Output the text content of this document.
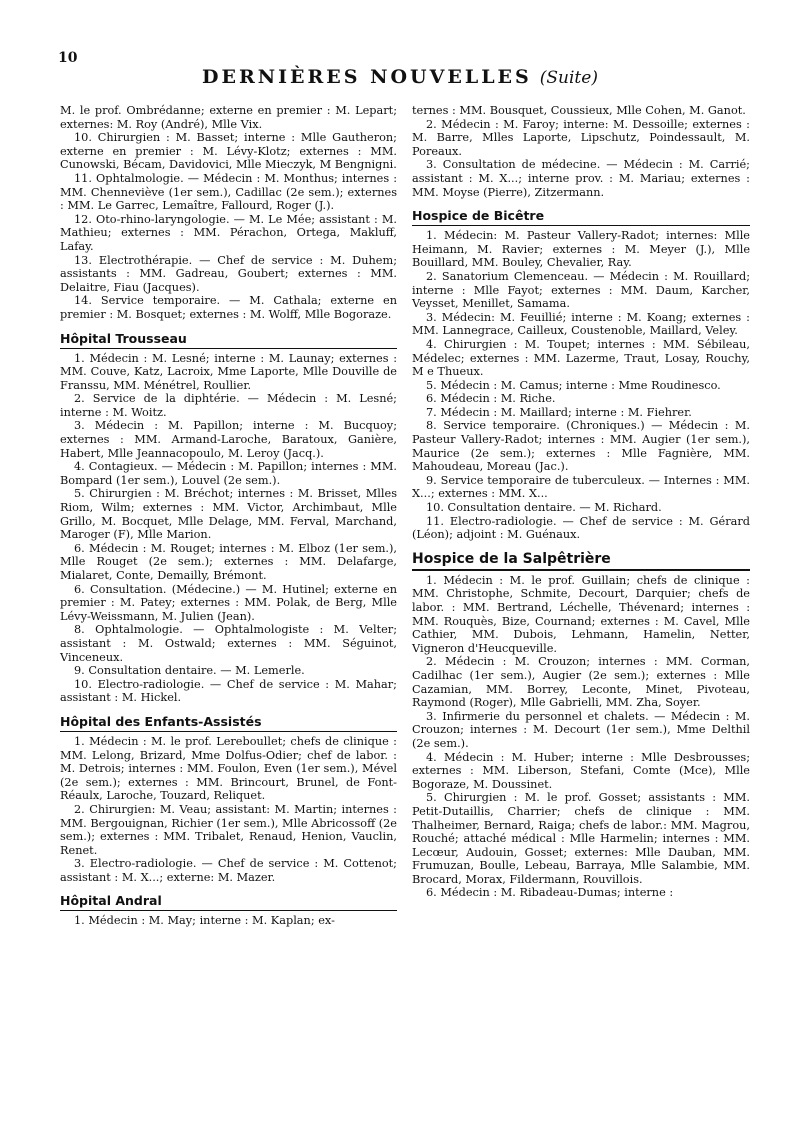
10
DERNIÈRES NOUVELLES (Suite)

M. le prof. Ombrédanne; externe en premier : M. Lepart; externes: M. Roy (André), Mlle Vix.

10. Chirurgien : M. Basset; interne : Mlle Gautheron; externe en premier : M. Lévy-Klotz; externes : MM. Cunowski, Bécam, Davidovici, Mlle Mieczyk, M Bengnigni.

11. Ophtalmologie. — Médecin : M. Monthus; internes : MM. Chenneviève (1er sem.), Cadillac (2e sem.); externes : MM. Le Garrec, Lemaître, Fallourd, Roger (J.).

12. Oto-rhino-laryngologie. — M. Le Mée; assistant : M. Mathieu; externes : MM. Pérachon, Ortega, Makluff, Lafay.

13. Electrothérapie. — Chef de service : M. Duhem; assistants : MM. Gadreau, Goubert; externes : MM. Delaitre, Fiau (Jacques).

14. Service temporaire. — M. Cathala; externe en premier : M. Bosquet; externes : M. Wolff, Mlle Bogoraze.

Hôpital Trousseau

1. Médecin : M. Lesné; interne : M. Launay; externes : MM. Couve, Katz, Lacroix, Mme Laporte, Mlle Douville de Franssu, MM. Ménétrel, Roullier.

2. Service de la diphtérie. — Médecin : M. Lesné; interne : M. Woitz.

3. Médecin : M. Papillon; interne : M. Bucquoy; externes : MM. Armand-Laroche, Baratoux, Ganière, Habert, Mlle Jeannacopoulo, M. Leroy (Jacq.).

4. Contagieux. — Médecin : M. Papillon; internes : MM. Bompard (1er sem.), Louvel (2e sem.).

5. Chirurgien : M. Bréchot; internes : M. Brisset, Mlles Riom, Wilm; externes : MM. Victor, Archimbaut, Mlle Grillo, M. Bocquet, Mlle Delage, MM. Ferval, Marchand, Maroger (F), Mlle Marion.

6. Médecin : M. Rouget; internes : M. Elboz (1er sem.), Mlle Rouget (2e sem.); externes : MM. Delafarge, Mialaret, Conte, Demailly, Brémont.

6. Consultation. (Médecine.) — M. Hutinel; externe en premier : M. Patey; externes : MM. Polak, de Berg, Mlle Lévy-Weissmann, M. Julien (Jean).

8. Ophtalmologie. — Ophtalmologiste : M. Velter; assistant : M. Ostwald; externes : MM. Séguinot, Vinceneux.

9. Consultation dentaire. — M. Lemerle.

10. Electro-radiologie. — Chef de service : M. Mahar; assistant : M. Hickel.

Hôpital des Enfants-Assistés

1. Médecin : M. le prof. Lereboullet; chefs de clinique : MM. Lelong, Brizard, Mme Dolfus-Odier; chef de labor. : M. Detrois; internes : MM. Foulon, Even (1er sem.), Mével (2e sem.); externes : MM. Brincourt, Brunel, de Font-Réaulx, Laroche, Touzard, Reliquet.

2. Chirurgien: M. Veau; assistant: M. Martin; internes : MM. Bergouignan, Richier (1er sem.), Mlle Abricossoff (2e sem.); externes : MM. Tribalet, Renaud, Henion, Vauclin, Renet.

3. Electro-radiologie. — Chef de service : M. Cottenot; assistant : M. X...; externe: M. Mazer.

Hôpital Andral

1. Médecin : M. May; interne : M. Kaplan; ex-

ternes : MM. Bousquet, Coussieux, Mlle Cohen, M. Ganot.

2. Médecin : M. Faroy; interne: M. Dessoille; externes : M. Barre, Mlles Laporte, Lipschutz, Poindessault, M. Poreaux.

3. Consultation de médecine. — Médecin : M. Carrié; assistant : M. X...; interne prov. : M. Mariau; externes : MM. Moyse (Pierre), Zitzermann.

Hospice de Bicêtre

1. Médecin: M. Pasteur Vallery-Radot; internes: Mlle Heimann, M. Ravier; externes : M. Meyer (J.), Mlle Bouillard, MM. Bouley, Chevalier, Ray.

2. Sanatorium Clemenceau. — Médecin : M. Rouillard; interne : Mlle Fayot; externes : MM. Daum, Karcher, Veysset, Menillet, Samama.

3. Médecin: M. Feuillié; interne : M. Koang; externes : MM. Lannegrace, Cailleux, Coustenoble, Maillard, Veley.

4. Chirurgien : M. Toupet; internes : MM. Sébileau, Médelec; externes : MM. Lazerme, Traut, Losay, Rouchy, M e Thueux.

5. Médecin : M. Camus; interne : Mme Roudinesco.

6. Médecin : M. Riche.

7. Médecin : M. Maillard; interne : M. Fiehrer.

8. Service temporaire. (Chroniques.) — Médecin : M. Pasteur Vallery-Radot; internes : MM. Augier (1er sem.), Maurice (2e sem.); externes : Mlle Fagnière, MM. Mahoudeau, Moreau (Jac.).

9. Service temporaire de tuberculeux. — Internes : MM. X...; externes : MM. X...

10. Consultation dentaire. — M. Richard.

11. Electro-radiologie. — Chef de service : M. Gérard (Léon); adjoint : M. Guénaux.

Hospice de la Salpêtrière

1. Médecin : M. le prof. Guillain; chefs de clinique : MM. Christophe, Schmite, Decourt, Darquier; chefs de labor. : MM. Bertrand, Léchelle, Thévenard; internes : MM. Rouquès, Bize, Cournand; externes : M. Cavel, Mlle Cathier, MM. Dubois, Lehmann, Hamelin, Netter, Vigneron d'Heucqueville.

2. Médecin : M. Crouzon; internes : MM. Corman, Cadilhac (1er sem.), Augier (2e sem.); externes : Mlle Cazamian, MM. Borrey, Leconte, Minet, Pivoteau, Raymond (Roger), Mlle Gabrielli, MM. Zha, Soyer.

3. Infirmerie du personnel et chalets. — Médecin : M. Crouzon; internes : M. Decourt (1er sem.), Mme Delthil (2e sem.).

4. Médecin : M. Huber; interne : Mlle Desbrousses; externes : MM. Liberson, Stefani, Comte (Mce), Mlle Bogoraze, M. Doussinet.

5. Chirurgien : M. le prof. Gosset; assistants : MM. Petit-Dutaillis, Charrier; chefs de clinique : MM. Thalheimer, Bernard, Raiga; chefs de labor.: MM. Magrou, Rouché; attaché médical : Mlle Harmelin; internes : MM. Lecœur, Audouin, Gosset; externes: Mlle Dauban, MM. Frumuzan, Boulle, Lebeau, Barraya, Mlle Salambie, MM. Brocard, Morax, Fildermann, Rouvillois.

6. Médecin : M. Ribadeau-Dumas; interne :
